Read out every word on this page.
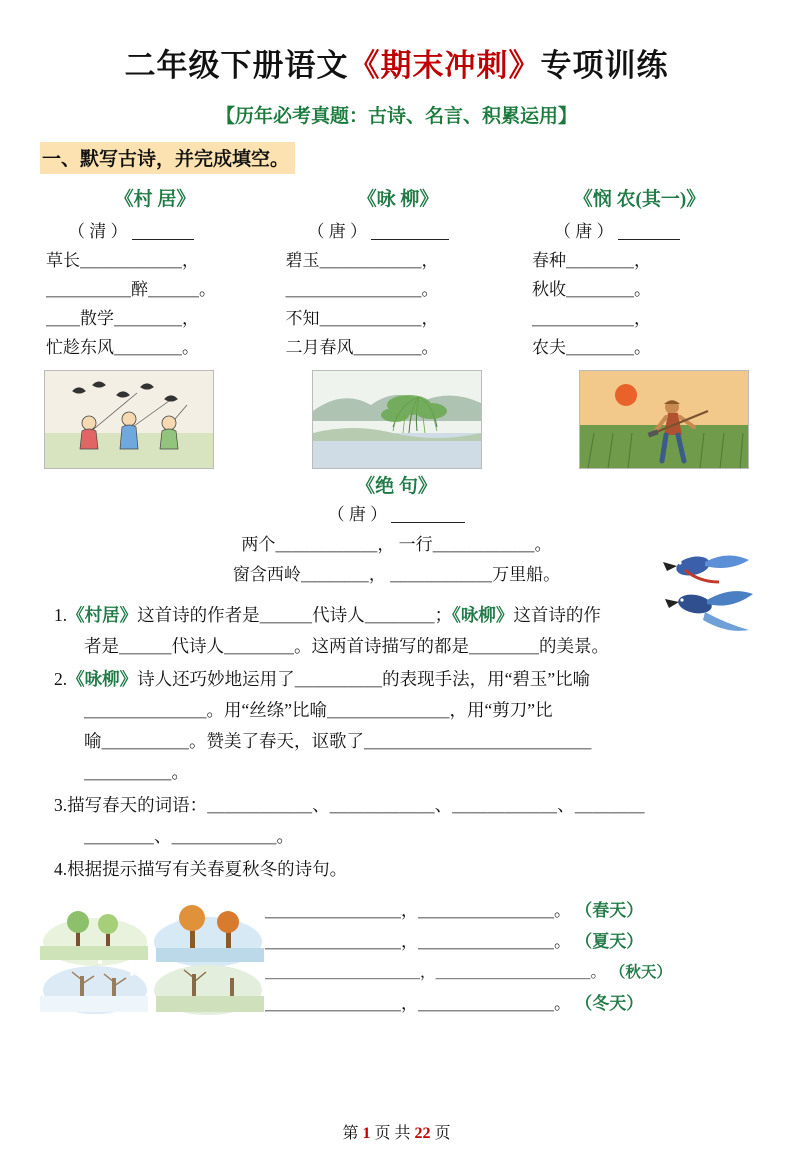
二年级下册语文《期末冲刺》专项训练
【历年必考真题：古诗、名言、积累运用】
一、默写古诗，并完成填空。
《村 居》
（ 清 ）
草长＿＿＿＿＿＿，
＿＿＿＿＿醉＿＿＿。
＿＿散学＿＿＿＿，
忙趁东风＿＿＿＿。
《咏 柳》
（ 唐 ）
碧玉＿＿＿＿＿＿，
＿＿＿＿＿＿＿＿。
不知＿＿＿＿＿＿，
二月春风＿＿＿＿。
《悯 农(其一)》
（ 唐 ）
春种＿＿＿＿，
秋收＿＿＿＿。
＿＿＿＿＿＿，
农夫＿＿＿＿。
《绝 句》
（ 唐 ）
两个＿＿＿＿＿＿， 一行＿＿＿＿＿＿。
窗含西岭＿＿＿＿， ＿＿＿＿＿＿万里船。
1.《村居》这首诗的作者是＿＿＿代诗人＿＿＿＿；《咏柳》这首诗的作
者是＿＿＿代诗人＿＿＿＿。这两首诗描写的都是＿＿＿＿的美景。
2.《咏柳》诗人还巧妙地运用了＿＿＿＿＿的表现手法，用“碧玉”比喻
＿＿＿＿＿＿＿。用“丝绦”比喻＿＿＿＿＿＿＿，用“剪刀”比
喻＿＿＿＿＿。赞美了春天，讴歌了＿＿＿＿＿＿＿＿＿＿＿＿＿
＿＿＿＿＿。
3.描写春天的词语：＿＿＿＿＿＿、＿＿＿＿＿＿、＿＿＿＿＿＿、＿＿＿＿
＿＿＿＿、＿＿＿＿＿＿。
4.根据提示描写有关春夏秋冬的诗句。
＿＿＿＿＿＿＿＿，＿＿＿＿＿＿＿＿。 （春天）
＿＿＿＿＿＿＿＿，＿＿＿＿＿＿＿＿。 （夏天）
＿＿＿＿＿＿＿＿＿＿，＿＿＿＿＿＿＿＿＿＿。 （秋天）
＿＿＿＿＿＿＿＿，＿＿＿＿＿＿＿＿。 （冬天）
第 1 页 共 22 页
